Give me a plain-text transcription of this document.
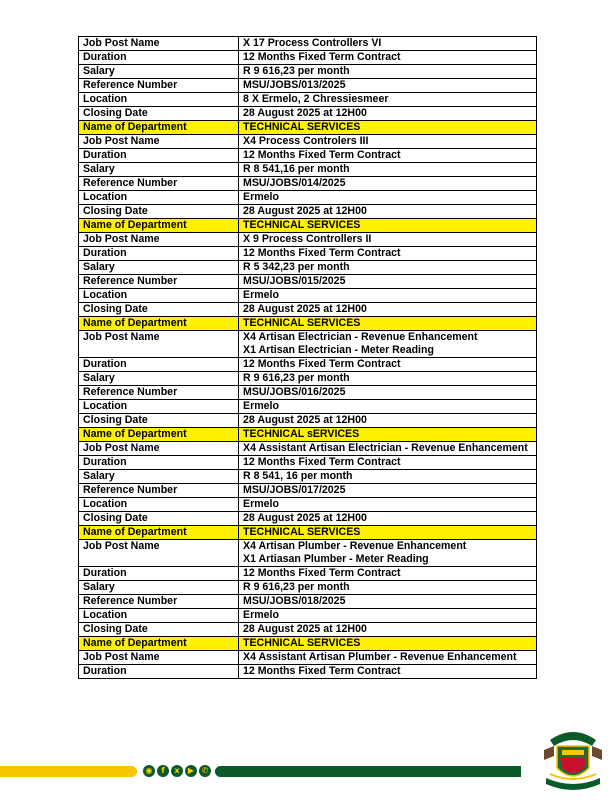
Job Post Name	X 17 Process Controllers VI

Duration	12 Months Fixed Term Contract

Salary	R 9 616,23 per month

Reference Number	MSU/JOBS/013/2025

Location	8 X Ermelo, 2 Chressiesmeer

Closing Date	28 August 2025 at 12H00

Name of Department	TECHNICAL SERVICES

Job Post Name	X4 Process Controlers III

Duration	12 Months Fixed Term Contract

Salary	R 8 541,16 per month

Reference Number	MSU/JOBS/014/2025

Location	Ermelo

Closing Date	28 August 2025 at 12H00

Name of Department	TECHNICAL SERVICES

Job Post Name	X 9 Process Controllers II

Duration	12 Months Fixed Term Contract

Salary	R 5 342,23 per month

Reference Number	MSU/JOBS/015/2025

Location	Ermelo

Closing Date	28 August 2025 at 12H00

Name of Department	TECHNICAL SERVICES

Job Post Name	X4 Artisan Electrician - Revenue Enhancement
X1 Artisan Electrician - Meter Reading

Duration	12 Months Fixed Term Contract

Salary	R 9 616,23 per month

Reference Number	MSU/JOBS/016/2025

Location	Ermelo

Closing Date	28 August 2025 at 12H00

Name of Department	TECHNICAL sERVICES

Job Post Name	X4 Assistant Artisan Electrician - Revenue Enhancement

Duration	12 Months Fixed Term Contract

Salary	R 8 541, 16 per month

Reference Number	MSU/JOBS/017/2025

Location	Ermelo

Closing Date	28 August 2025 at 12H00

Name of Department	TECHNICAL SERVICES

Job Post Name	X4 Artisan Plumber - Revenue Enhancement
X1 Artiasan Plumber - Meter Reading

Duration	12 Months Fixed Term Contract

Salary	R 9 616,23 per month

Reference Number	MSU/JOBS/018/2025

Location	Ermelo

Closing Date	28 August 2025 at 12H00

Name of Department	TECHNICAL SERVICES

Job Post Name	X4 Assistant Artisan Plumber - Revenue Enhancement

Duration	12 Months Fixed Term Contract
◉	f	x	▶ ✆
